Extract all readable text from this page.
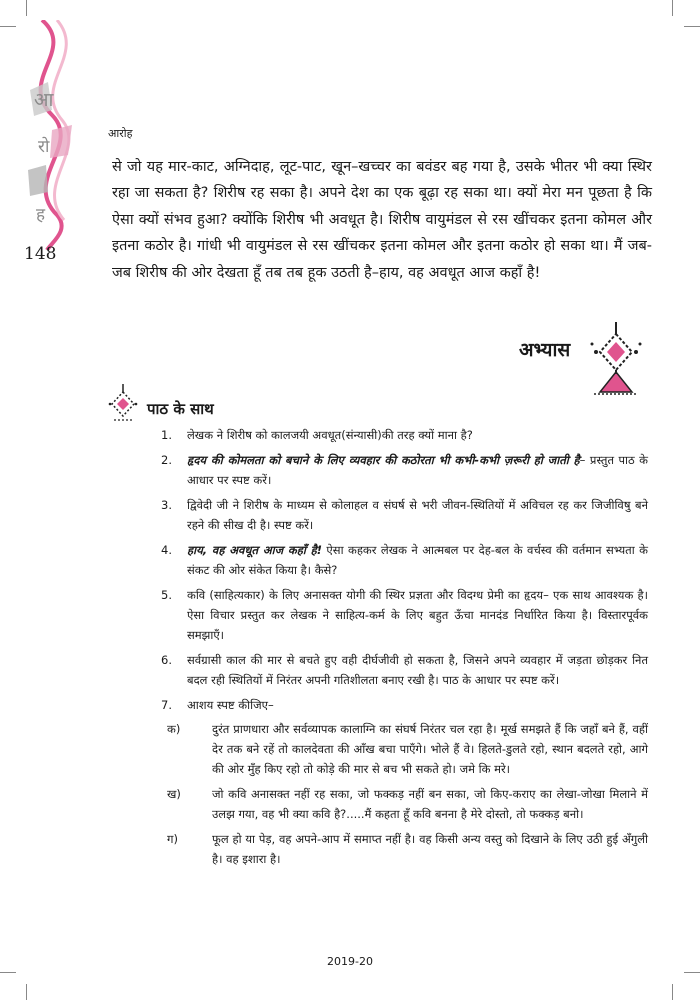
आ
रो
ह
148
आरोह

से जो यह मार-काट, अग्निदाह, लूट-पाट, खून–खच्चर का बवंडर बह गया है, उसके भीतर भी क्या स्थिर रहा जा सकता है? शिरीष रह सका है। अपने देश का एक बूढ़ा रह सका था। क्यों मेरा मन पूछता है कि ऐसा क्यों संभव हुआ? क्योंकि शिरीष भी अवधूत है। शिरीष वायुमंडल से रस खींचकर इतना कोमल और इतना कठोर है। गांधी भी वायुमंडल से रस खींचकर इतना कोमल और इतना कठोर हो सका था। मैं जब-जब शिरीष की ओर देखता हूँ तब तब हूक उठती है–हाय, वह अवधूत आज कहाँ है!

अभ्यास
पाठ के साथ
1. लेखक ने शिरीष को कालजयी अवधूत(संन्यासी)की तरह क्यों माना है?
2. हृदय की कोमलता को बचाने के लिए व्यवहार की कठोरता भी कभी-कभी ज़रूरी हो जाती है– प्रस्तुत पाठ के आधार पर स्पष्ट करें।
3. द्विवेदी जी ने शिरीष के माध्यम से कोलाहल व संघर्ष से भरी जीवन-स्थितियों में अविचल रह कर जिजीविषु बने रहने की सीख दी है। स्पष्ट करें।
4. हाय, वह अवधूत आज कहाँ है! ऐसा कहकर लेखक ने आत्मबल पर देह-बल के वर्चस्व की वर्तमान सभ्यता के संकट की ओर संकेत किया है। कैसे?
5. कवि (साहित्यकार) के लिए अनासक्त योगी की स्थिर प्रज्ञता और विदग्ध प्रेमी का हृदय– एक साथ आवश्यक है। ऐसा विचार प्रस्तुत कर लेखक ने साहित्य-कर्म के लिए बहुत ऊँचा मानदंड निर्धारित किया है। विस्तारपूर्वक समझाएँ।
6. सर्वग्रासी काल की मार से बचते हुए वही दीर्घजीवी हो सकता है, जिसने अपने व्यवहार में जड़ता छोड़कर नित बदल रही स्थितियों में निरंतर अपनी गतिशीलता बनाए रखी है। पाठ के आधार पर स्पष्ट करें।
7. आशय स्पष्ट कीजिए–
क)	दुरंत प्राणधारा और सर्वव्यापक कालाग्नि का संघर्ष निरंतर चल रहा है। मूर्ख समझते हैं कि जहाँ बने हैं, वहीं देर तक बने रहें तो कालदेवता की आँख बचा पाएँगे। भोले हैं वे। हिलते-डुलते रहो, स्थान बदलते रहो, आगे की ओर मुँह किए रहो तो कोड़े की मार से बच भी सकते हो। जमे कि मरे।
ख)	जो कवि अनासक्त नहीं रह सका, जो फक्कड़ नहीं बन सका, जो किए-कराए का लेखा-जोखा मिलाने में उलझ गया, वह भी क्या कवि है?.....मैं कहता हूँ कवि बनना है मेरे दोस्तो, तो फक्कड़ बनो।
ग)	फूल हो या पेड़, वह अपने-आप में समाप्त नहीं है। वह किसी अन्य वस्तु को दिखाने के लिए उठी हुई अँगुली है। वह इशारा है।
2019-20
